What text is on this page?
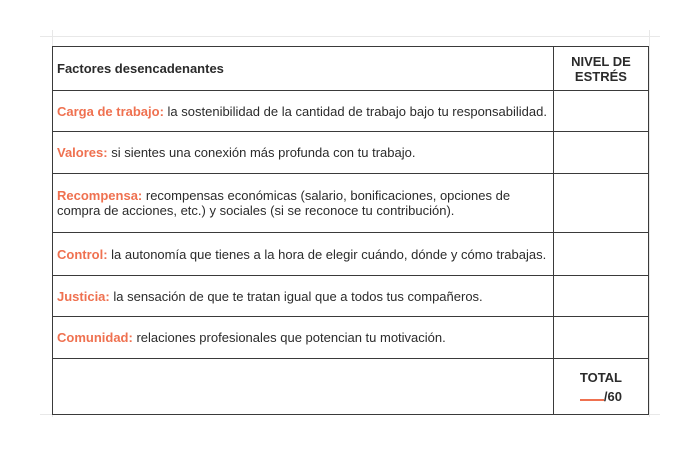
Factores desencadenantes	NIVEL DE
ESTRÉS
Carga de trabajo: la sostenibilidad de la cantidad de trabajo bajo tu responsabilidad.	
Valores: si sientes una conexión más profunda con tu trabajo.	
Recompensa: recompensas económicas (salario, bonificaciones, opciones de compra de acciones, etc.) y sociales (si se reconoce tu contribución).	
Control: la autonomía que tienes a la hora de elegir cuándo, dónde y cómo trabajas.	
Justicia: la sensación de que te tratan igual que a todos tus compañeros.	
Comunidad: relaciones profesionales que potencian tu motivación.	
	TOTAL
/60
